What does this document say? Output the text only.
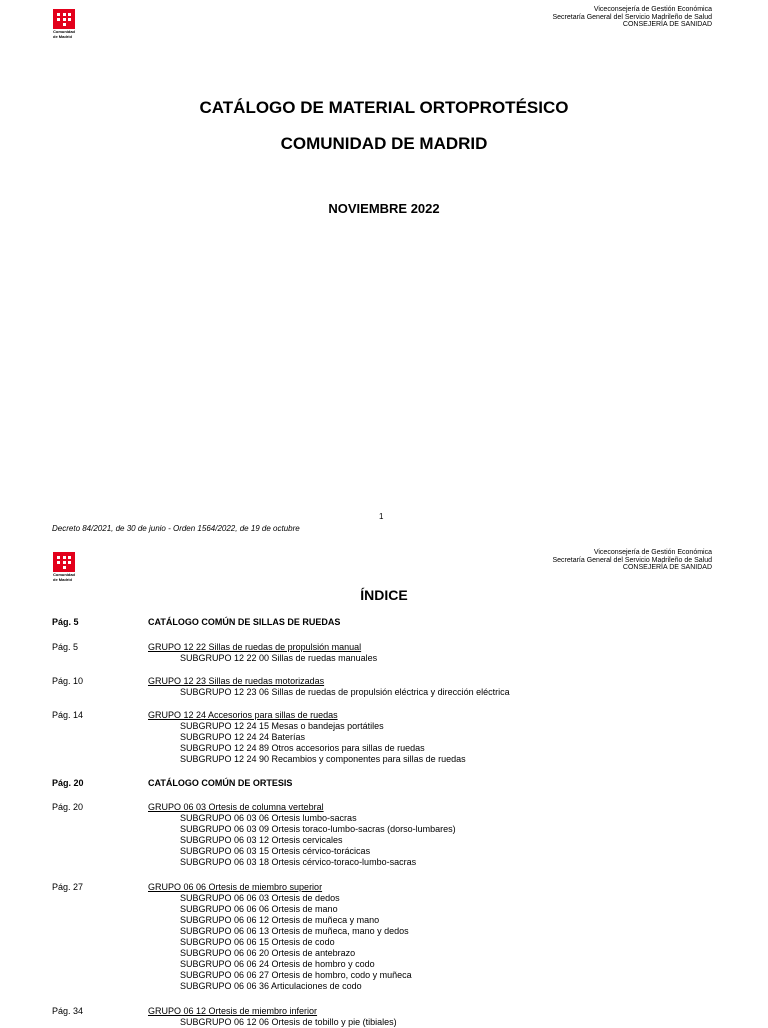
Comunidad
de Madrid
Viceconsejería de Gestión Económica
Secretaría General del Servicio Madrileño de Salud
CONSEJERÍA DE SANIDAD
CATÁLOGO DE MATERIAL ORTOPROTÉSICO
COMUNIDAD DE MADRID
NOVIEMBRE 2022
1
Decreto 84/2021, de 30 de junio - Orden 1564/2022, de 19 de octubre
Comunidad
de Madrid
Viceconsejería de Gestión Económica
Secretaría General del Servicio Madrileño de Salud
CONSEJERÍA DE SANIDAD
ÍNDICE
Pág. 5	CATÁLOGO COMÚN DE SILLAS DE RUEDAS
Pág. 5	GRUPO 12 22 Sillas de ruedas de propulsión manual
SUBGRUPO 12 22 00 Sillas de ruedas manuales
Pág. 10	GRUPO 12 23 Sillas de ruedas motorizadas
SUBGRUPO 12 23 06 Sillas de ruedas de propulsión eléctrica y dirección eléctrica
Pág. 14	GRUPO 12 24 Accesorios para sillas de ruedas
SUBGRUPO 12 24 15 Mesas o bandejas portátiles
SUBGRUPO 12 24 24 Baterías
SUBGRUPO 12 24 89 Otros accesorios para sillas de ruedas
SUBGRUPO 12 24 90 Recambios y componentes para sillas de ruedas
Pág. 20	CATÁLOGO COMÚN DE ORTESIS
Pág. 20	GRUPO 06 03 Ortesis de columna vertebral
SUBGRUPO 06 03 06 Ortesis lumbo-sacras
SUBGRUPO 06 03 09 Ortesis toraco-lumbo-sacras (dorso-lumbares)
SUBGRUPO 06 03 12 Ortesis cervicales
SUBGRUPO 06 03 15 Ortesis cérvico-torácicas
SUBGRUPO 06 03 18 Ortesis cérvico-toraco-lumbo-sacras
Pág. 27	GRUPO 06 06 Ortesis de miembro superior
SUBGRUPO 06 06 03 Ortesis de dedos
SUBGRUPO 06 06 06 Ortesis de mano
SUBGRUPO 06 06 12 Ortesis de muñeca y mano
SUBGRUPO 06 06 13 Ortesis de muñeca, mano y dedos
SUBGRUPO 06 06 15 Ortesis de codo
SUBGRUPO 06 06 20 Ortesis de antebrazo
SUBGRUPO 06 06 24 Ortesis de hombro y codo
SUBGRUPO 06 06 27 Ortesis de hombro, codo y muñeca
SUBGRUPO 06 06 36 Articulaciones de codo
Pág. 34	GRUPO 06 12 Ortesis de miembro inferior
SUBGRUPO 06 12 06 Ortesis de tobillo y pie (tibiales)
